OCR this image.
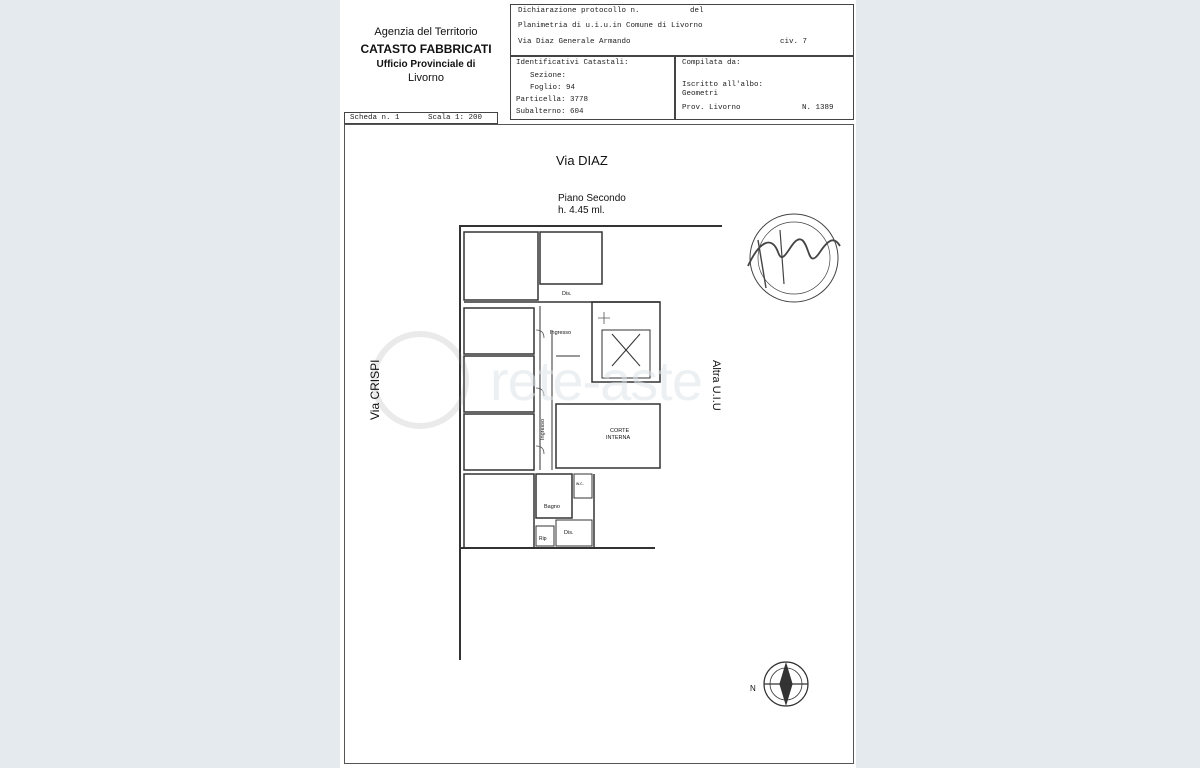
Agenzia del Territorio
CATASTO FABBRICATI
Ufficio Provinciale di
Livorno
Dichiarazione protocollo n.	del
Planimetria di u.i.u.in Comune di Livorno
Via Diaz Generale Armando	civ. 7
Identificativi Catastali:
Sezione:
Foglio: 94
Particella: 3778
Subalterno: 604
Compilata da:
Iscritto all'albo:
Geometri
Prov. Livorno	N. 1389
Scheda n. 1	Scala 1: 200
Via DIAZ
Piano Secondo
h. 4.45 ml.
Via CRISPI	Altra U.I.U
Dis.
Ingresso
Ingresso	CORTE
INTERNA
Bagno
w.c.
Rip
Dis.
N
rete-aste
